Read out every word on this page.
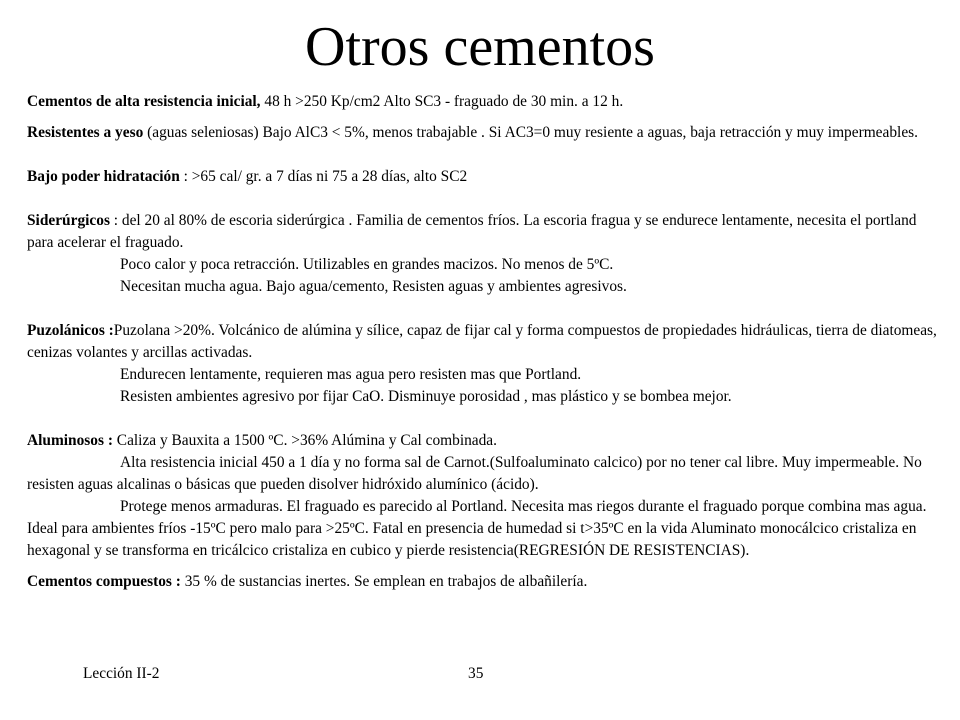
Otros cementos

Cementos de alta resistencia inicial, 48 h >250 Kp/cm2 Alto SC3 - fraguado de 30 min. a 12 h.

Resistentes a yeso (aguas seleniosas) Bajo AlC3 < 5%, menos trabajable . Si AC3=0 muy resiente a aguas, baja retracción y muy impermeables.

Bajo poder hidratación : >65 cal/ gr. a 7 días ni 75 a 28 días, alto SC2

Siderúrgicos : del 20 al 80% de escoria siderúrgica . Familia de cementos fríos. La escoria fragua y se endurece lentamente, necesita el portland para acelerar el fraguado.

Poco calor y poca retracción. Utilizables en grandes macizos. No menos de 5ºC.

Necesitan mucha agua. Bajo agua/cemento, Resisten aguas y ambientes agresivos.

Puzolánicos :Puzolana >20%. Volcánico de alúmina y sílice, capaz de fijar cal y forma compuestos de propiedades hidráulicas, tierra de diatomeas, cenizas volantes y arcillas activadas.

Endurecen lentamente, requieren mas agua pero resisten mas que Portland.

Resisten ambientes agresivo por fijar CaO. Disminuye porosidad , mas plástico y se bombea mejor.

Aluminosos : Caliza y Bauxita a 1500 ºC. >36% Alúmina y Cal combinada.

Alta resistencia inicial 450 a 1 día y no forma sal de Carnot.(Sulfoaluminato calcico) por no tener cal libre. Muy impermeable. No resisten aguas alcalinas o básicas que pueden disolver hidróxido alumínico (ácido).

Protege menos armaduras. El fraguado es parecido al Portland. Necesita mas riegos durante el fraguado porque combina mas agua. Ideal para ambientes fríos -15ºC pero malo para >25ºC. Fatal en presencia de humedad si t>35ºC en la vida Aluminato monocálcico cristaliza en hexagonal y se transforma en tricálcico cristaliza en cubico y pierde resistencia(REGRESIÓN DE RESISTENCIAS).

Cementos compuestos : 35 % de sustancias inertes. Se emplean en trabajos de albañilería.

Lección II-2	35
